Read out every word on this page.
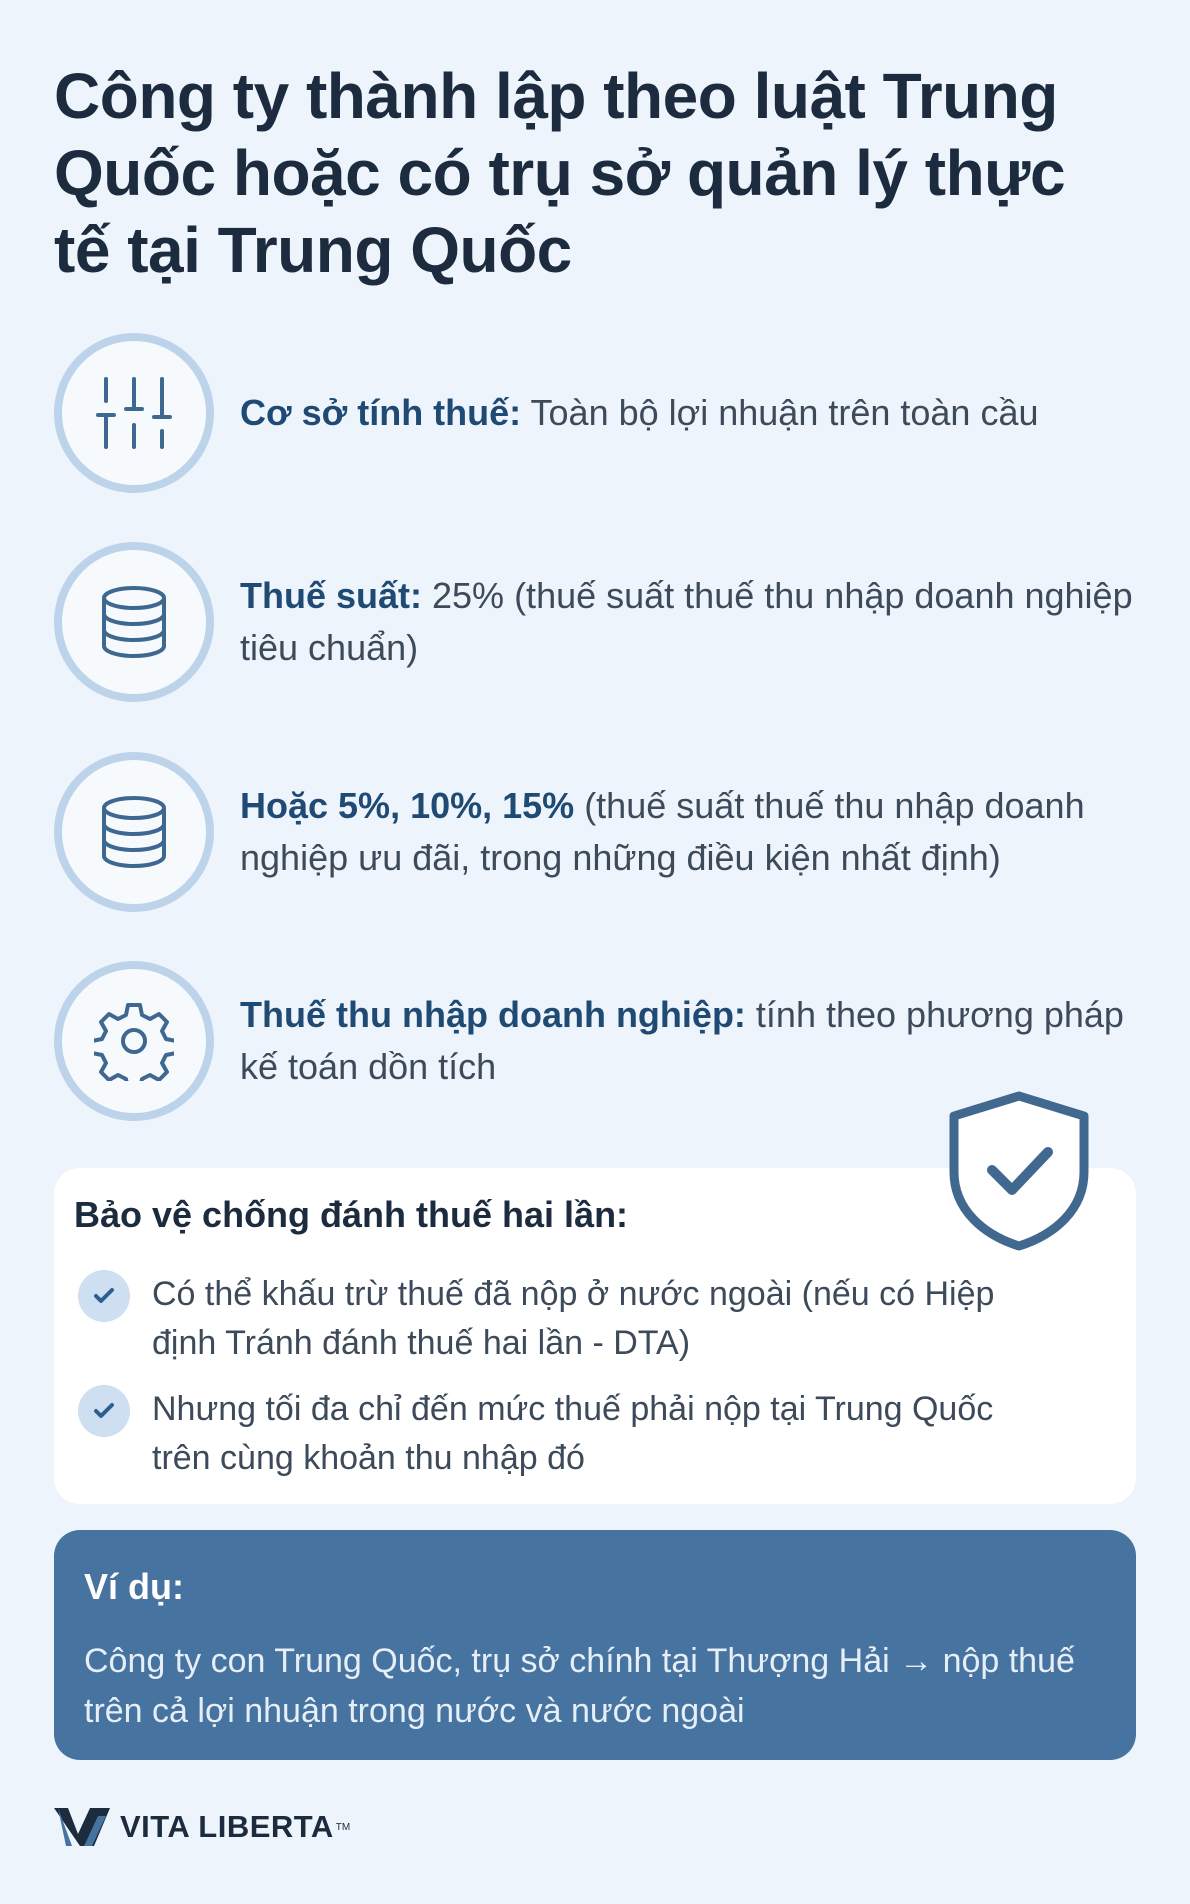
Công ty thành lập theo luật Trung Quốc hoặc có trụ sở quản lý thực tế tại Trung Quốc
Cơ sở tính thuế: Toàn bộ lợi nhuận trên toàn cầu
Thuế suất: 25% (thuế suất thuế thu nhập doanh nghiệp tiêu chuẩn)
Hoặc 5%, 10%, 15% (thuế suất thuế thu nhập doanh nghiệp ưu đãi, trong những điều kiện nhất định)
Thuế thu nhập doanh nghiệp: tính theo phương pháp kế toán dồn tích
Bảo vệ chống đánh thuế hai lần:
Có thể khấu trừ thuế đã nộp ở nước ngoài (nếu có Hiệp định Tránh đánh thuế hai lần - DTA)
Nhưng tối đa chỉ đến mức thuế phải nộp tại Trung Quốc trên cùng khoản thu nhập đó
Ví dụ:
Công ty con Trung Quốc, trụ sở chính tại Thượng Hải → nộp thuế trên cả lợi nhuận trong nước và nước ngoài
VITA LIBERTA TM
